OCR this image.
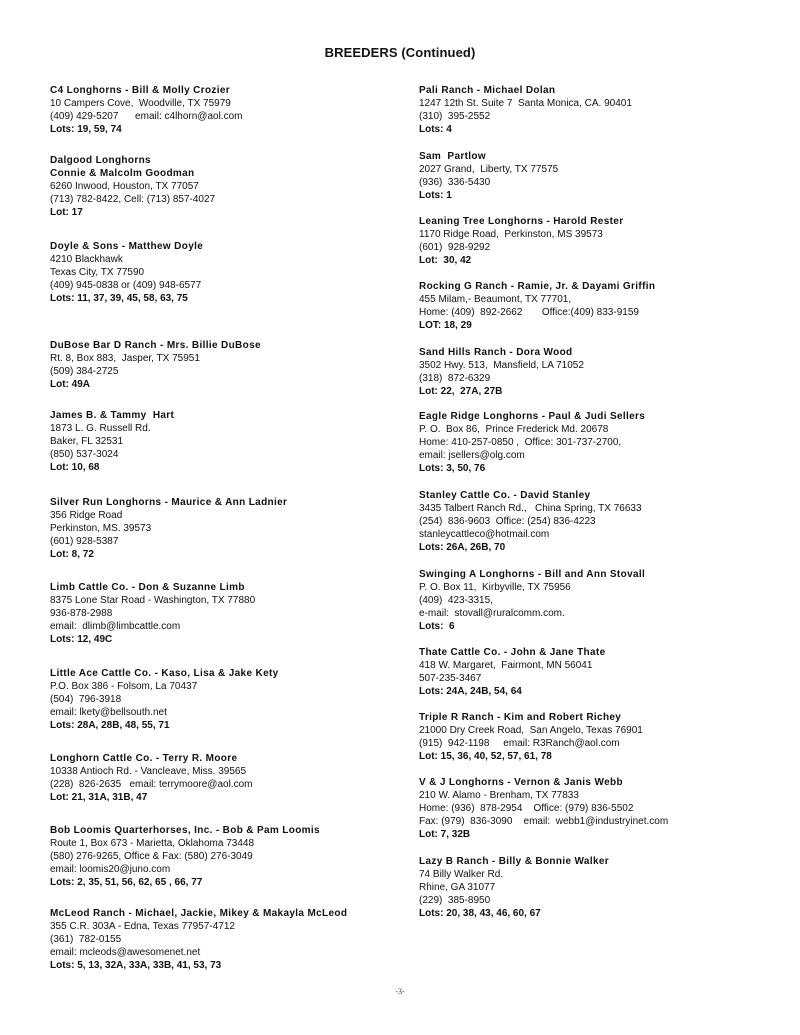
BREEDERS (Continued)
C4 Longhorns - Bill & Molly Crozier
10 Campers Cove,  Woodville, TX 75979
(409) 429-5207      email: c4lhorn@aol.com
Lots: 19, 59, 74
Dalgood Longhorns
Connie & Malcolm Goodman
6260 Inwood, Houston, TX 77057
(713) 782-8422, Cell: (713) 857-4027
Lot: 17
Doyle & Sons - Matthew Doyle
4210 Blackhawk
Texas City, TX 77590
(409) 945-0838 or (409) 948-6577
Lots: 11, 37, 39, 45, 58, 63, 75
DuBose Bar D Ranch - Mrs. Billie DuBose
Rt. 8, Box 883,  Jasper, TX 75951
(509) 384-2725
Lot: 49A
James B. & Tammy  Hart
1873 L. G. Russell Rd.
Baker, FL 32531
(850) 537-3024
Lot: 10, 68
Silver Run Longhorns - Maurice & Ann Ladnier
356 Ridge Road
Perkinston, MS. 39573
(601) 928-5387
Lot: 8, 72
Limb Cattle Co. - Don & Suzanne Limb
8375 Lone Star Road - Washington, TX 77880
936-878-2988
email:  dlimb@limbcattle.com
Lots: 12, 49C
Little Ace Cattle Co. - Kaso, Lisa & Jake Kety
P.O. Box 386 - Folsom, La 70437
(504)  796-3918
email: lkety@bellsouth.net
Lots: 28A, 28B, 48, 55, 71
Longhorn Cattle Co. - Terry R. Moore
10338 Antioch Rd. - Vancleave, Miss. 39565
(228)  826-2635   email: terrymoore@aol.com
Lot: 21, 31A, 31B, 47
Bob Loomis Quarterhorses, Inc. - Bob & Pam Loomis
Route 1, Box 673 - Marietta, Oklahoma 73448
(580) 276-9265, Office & Fax: (580) 276-3049
email: loomis20@juno.com
Lots: 2, 35, 51, 56, 62, 65 , 66, 77
McLeod Ranch - Michael, Jackie, Mikey & Makayla McLeod
355 C.R. 303A - Edna, Texas 77957-4712
(361)  782-0155
email: mcleods@awesomenet.net
Lots: 5, 13, 32A, 33A, 33B, 41, 53, 73
Pali Ranch - Michael Dolan
1247 12th St. Suite 7  Santa Monica, CA. 90401
(310)  395-2552
Lots: 4
Sam  Partlow
2027 Grand,  Liberty, TX 77575
(936)  336-5430
Lots: 1
Leaning Tree Longhorns - Harold Rester
1170 Ridge Road,  Perkinston, MS 39573
(601)  928-9292
Lot:  30, 42
Rocking G Ranch - Ramie, Jr. & Dayami Griffin
455 Milam,- Beaumont, TX 77701,
Home: (409)  892-2662       Office:(409) 833-9159
LOT: 18, 29
Sand Hills Ranch - Dora Wood
3502 Hwy. 513,  Mansfield, LA 71052
(318)  872-6329
Lot: 22,  27A, 27B
Eagle Ridge Longhorns - Paul & Judi Sellers
P. O.  Box 86,  Prince Frederick Md. 20678
Home: 410-257-0850 ,  Office: 301-737-2700,
email: jsellers@olg.com
Lots: 3, 50, 76
Stanley Cattle Co. - David Stanley
3435 Talbert Ranch Rd.,   China Spring, TX 76633
(254)  836-9603  Office: (254) 836-4223
stanleycattleco@hotmail.com
Lots: 26A, 26B, 70
Swinging A Longhorns - Bill and Ann Stovall
P. O. Box 11,  Kirbyville, TX 75956
(409)  423-3315,
e-mail:  stovall@ruralcomm.com.
Lots:  6
Thate Cattle Co. - John & Jane Thate
418 W. Margaret,  Fairmont, MN 56041
507-235-3467
Lots: 24A, 24B, 54, 64
Triple R Ranch - Kim and Robert Richey
21000 Dry Creek Road,  San Angelo, Texas 76901
(915)  942-1198     email: R3Ranch@aol.com
Lot: 15, 36, 40, 52, 57, 61, 78
V & J Longhorns - Vernon & Janis Webb
210 W. Alamo - Brenham, TX 77833
Home: (936)  878-2954    Office: (979) 836-5502
Fax: (979)  836-3090    email:  webb1@industryinet.com
Lot: 7, 32B
Lazy B Ranch - Billy & Bonnie Walker
74 Billy Walker Rd.
Rhine, GA 31077
(229)  385-8950
Lots: 20, 38, 43, 46, 60, 67
-3-
